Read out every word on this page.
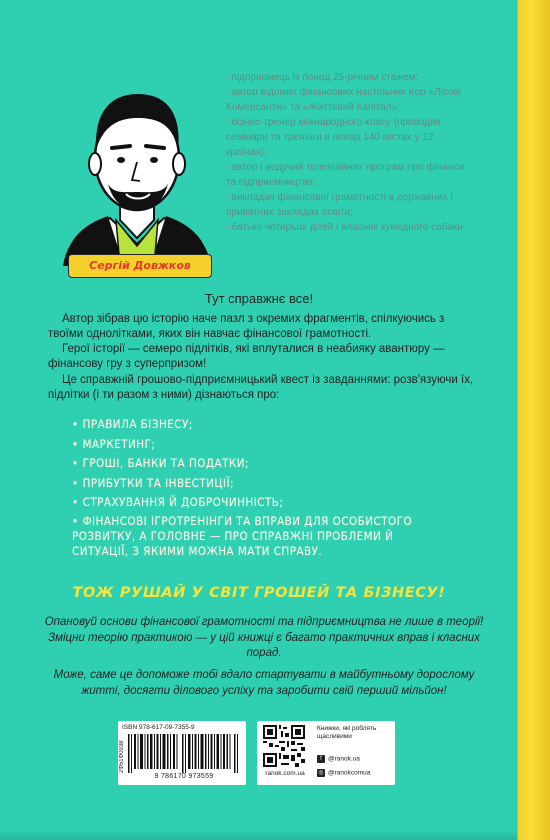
Сергій Довжков
• підприємець із понад 25-річним стажем;
• автор відомих фінансових настільних ігор «Лісові Комерсанти» та «Життєвий Капітал»;
• бізнес-тренер міжнародного класу (проводив семінари та тренінги в понад 140 містах у 12 країнах);
• автор і ведучий телевізійних програм про фінанси та підприємництво;
• викладач фінансової грамотності в державних і приватних закладах освіти;
• батько чотирьох дітей і власник кумедного собаки.
Тут справжнє все!

Автор зібрав цю історію наче пазл з окремих фрагментів, спілкуючись з твоїми однолітками, яких він навчає фінансової грамотності.

Герої історії — семеро підлітків, які вплуталися в неабияку авантюру — фінансову гру з суперпризом!

Це справжній грошово-підприємницький квест із завданнями: розв'язуючи їх, підлітки (і ти разом з ними) дізнаються про:

• ПРАВИЛА БІЗНЕСУ;
• МАРКЕТИНГ;
• ГРОШІ, БАНКИ ТА ПОДАТКИ;
• ПРИБУТКИ ТА ІНВЕСТИЦІЇ;
• СТРАХУВАННЯ Й ДОБРОЧИННІСТЬ;
• ФІНАНСОВІ ІГРОТРЕНІНГИ ТА ВПРАВИ ДЛЯ ОСОБИСТОГО РОЗВИТКУ, А ГОЛОВНЕ — ПРО СПРАВЖНІ ПРОБЛЕМИ Й СИТУАЦІЇ, З ЯКИМИ МОЖНА МАТИ СПРАВУ.
ТОЖ РУШАЙ У СВІТ ГРОШЕЙ ТА БІЗНЕСУ!

Опановуй основи фінансової грамотності та підприємництва не лише в теорії! Зміцни теорію практикою — у цій книжці є багато практичних вправ і класних порад.

Може, саме це допоможе тобі вдало стартувати в майбутньому дорослому житті, досягти ділового успіху та заробити свій перший мільйон!

ISBN 978-617-09-7355-9
2Ф51Ф0938
9 786170 973559	ranok.com.ua
Книжки, які роблять щасливими
f @ranok.ua
◎ @ranokcomua
